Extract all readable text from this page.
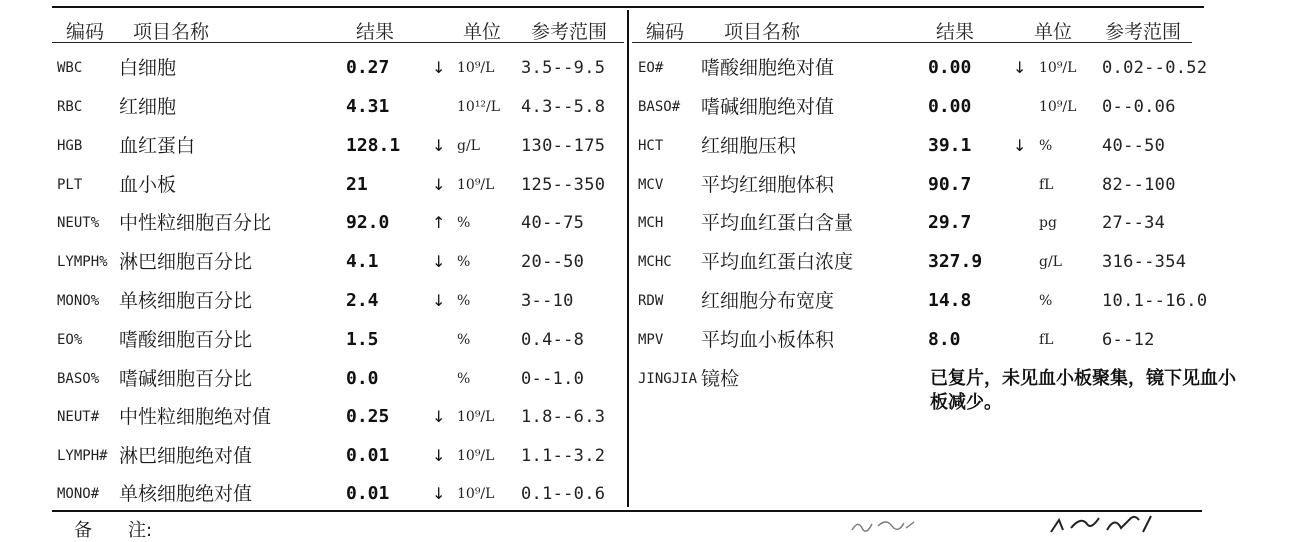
编码 项目名称	结果	单位 参考范围 编码 项目名称	结果	单位 参考范围
WBC 白细胞	0.27	↓ 10⁹/L 3.5--9.5
RBC 红细胞	4.31	10¹²/L 4.3--5.8
HGB 血红蛋白	128.1 ↓ g/L 130--175
PLT 血小板	21	↓ 10⁹/L 125--350
NEUT% 中性粒细胞百分比	92.0	↑ %	40--75
LYMPH% 淋巴细胞百分比	4.1	↓ %	20--50
MONO% 单核细胞百分比	2.4	↓ %	3--10
EO% 嗜酸细胞百分比	1.5	%	0.4--8
BASO% 嗜碱细胞百分比	0.0	%	0--1.0
NEUT# 中性粒细胞绝对值	0.25	↓ 10⁹/L 1.8--6.3
LYMPH# 淋巴细胞绝对值	0.01	↓ 10⁹/L 1.1--3.2
MONO# 单核细胞绝对值	0.01	↓ 10⁹/L 0.1--0.6
EO# 嗜酸细胞绝对值	0.00	↓ 10⁹/L 0.02--0.52
BASO# 嗜碱细胞绝对值	0.00	10⁹/L 0--0.06
HCT 红细胞压积	39.1	↓ %	40--50
MCV 平均红细胞体积	90.7	fL	82--100
MCH 平均血红蛋白含量	29.7	pg	27--34
MCHC 平均血红蛋白浓度	327.9	g/L 316--354
RDW 红细胞分布宽度	14.8	%	10.1--16.0
MPV 平均血小板体积	8.0	fL	6--12
JINGJIA 镜检	已复片，未见血小板聚集，镜下见血小板减少。
备　　注:
